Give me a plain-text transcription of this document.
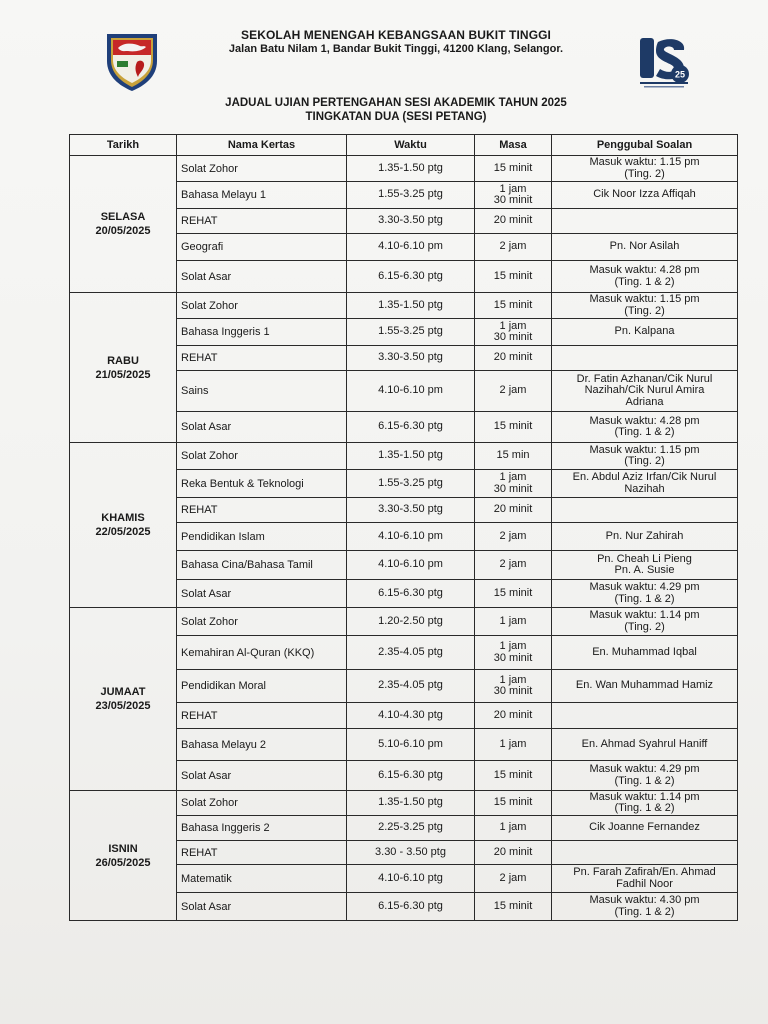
SEKOLAH MENENGAH KEBANGSAAN BUKIT TINGGI
Jalan Batu Nilam 1, Bandar Bukit Tinggi, 41200 Klang, Selangor.
25
JADUAL UJIAN PERTENGAHAN SESI AKADEMIK TAHUN 2025
TINGKATAN DUA (SESI PETANG)
Tarikh	Nama Kertas	Waktu	Masa	Penggubal Soalan

SELASA
20/05/2025	Solat Zohor	1.35-1.50 ptg	15 minit	Masuk waktu: 1.15 pm
(Ting. 2)

	Bahasa Melayu 1	1.55-3.25 ptg	1 jam
30 minit	Cik Noor Izza Affiqah

	REHAT	3.30-3.50 ptg	20 minit	

	Geografi	4.10-6.10 pm	2 jam	Pn. Nor Asilah

	Solat Asar	6.15-6.30 ptg	15 minit	Masuk waktu: 4.28 pm
(Ting. 1 & 2)

RABU
21/05/2025	Solat Zohor	1.35-1.50 ptg	15 minit	Masuk waktu: 1.15 pm
(Ting. 2)

	Bahasa Inggeris 1	1.55-3.25 ptg	1 jam
30 minit	Pn. Kalpana

	REHAT	3.30-3.50 ptg	20 minit	

	Sains	4.10-6.10 pm	2 jam	Dr. Fatin Azhanan/Cik Nurul
Nazihah/Cik Nurul Amira
Adriana

	Solat Asar	6.15-6.30 ptg	15 minit	Masuk waktu: 4.28 pm
(Ting. 1 & 2)

KHAMIS
22/05/2025	Solat Zohor	1.35-1.50 ptg	15 min	Masuk waktu: 1.15 pm
(Ting. 2)

	Reka Bentuk & Teknologi	1.55-3.25 ptg	1 jam
30 minit	En. Abdul Aziz Irfan/Cik Nurul
Nazihah

	REHAT	3.30-3.50 ptg	20 minit	

	Pendidikan Islam	4.10-6.10 pm	2 jam	Pn. Nur Zahirah

	Bahasa Cina/Bahasa Tamil	4.10-6.10 pm	2 jam	Pn. Cheah Li Pieng
Pn. A. Susie

	Solat Asar	6.15-6.30 ptg	15 minit	Masuk waktu: 4.29 pm
(Ting. 1 & 2)

JUMAAT
23/05/2025	Solat Zohor	1.20-2.50 ptg	1 jam	Masuk waktu: 1.14 pm
(Ting. 2)

	Kemahiran Al-Quran (KKQ)	2.35-4.05 ptg	1 jam
30 minit	En. Muhammad Iqbal

	Pendidikan Moral	2.35-4.05 ptg	1 jam
30 minit	En. Wan Muhammad Hamiz

	REHAT	4.10-4.30 ptg	20 minit	

	Bahasa Melayu 2	5.10-6.10 pm	1 jam	En. Ahmad Syahrul Haniff

	Solat Asar	6.15-6.30 ptg	15 minit	Masuk waktu: 4.29 pm
(Ting. 1 & 2)

ISNIN
26/05/2025	Solat Zohor	1.35-1.50 ptg	15 minit	Masuk waktu: 1.14 pm
(Ting. 1 & 2)

	Bahasa Inggeris 2	2.25-3.25 ptg	1 jam	Cik Joanne Fernandez

	REHAT	3.30 - 3.50 ptg	20 minit	

	Matematik	4.10-6.10 ptg	2 jam	Pn. Farah Zafirah/En. Ahmad
Fadhil Noor

	Solat Asar	6.15-6.30 ptg	15 minit	Masuk waktu: 4.30 pm
(Ting. 1 & 2)
